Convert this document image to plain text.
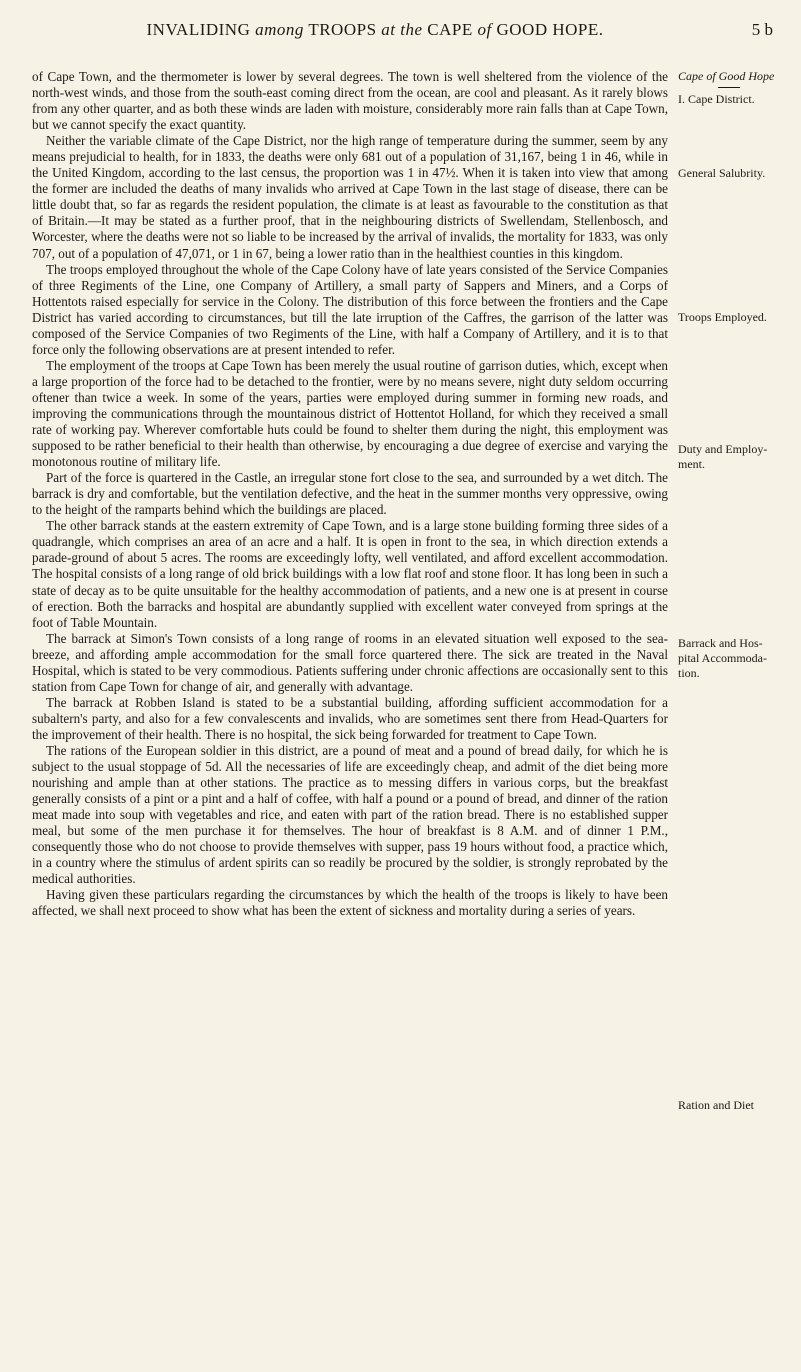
INVALIDING among TROOPS at the CAPE of GOOD HOPE.	5 b

of Cape Town, and the thermometer is lower by several degrees. The town is well sheltered from the violence of the north-west winds, and those from the south-east coming direct from the ocean, are cool and pleasant. As it rarely blows from any other quarter, and as both these winds are laden with moisture, considerably more rain falls than at Cape Town, but we cannot specify the exact quantity.

Neither the variable climate of the Cape District, nor the high range of temperature during the summer, seem by any means prejudicial to health, for in 1833, the deaths were only 681 out of a population of 31,167, being 1 in 46, while in the United Kingdom, according to the last census, the proportion was 1 in 47½. When it is taken into view that among the former are included the deaths of many invalids who arrived at Cape Town in the last stage of disease, there can be little doubt that, so far as regards the resident population, the climate is at least as favourable to the constitution as that of Britain.—It may be stated as a further proof, that in the neighbouring districts of Swellendam, Stellenbosch, and Worcester, where the deaths were not so liable to be increased by the arrival of invalids, the mortality for 1833, was only 707, out of a population of 47,071, or 1 in 67, being a lower ratio than in the healthiest counties in this kingdom.

The troops employed throughout the whole of the Cape Colony have of late years consisted of the Service Companies of three Regiments of the Line, one Company of Artillery, a small party of Sappers and Miners, and a Corps of Hottentots raised especially for service in the Colony. The distribution of this force between the frontiers and the Cape District has varied according to circumstances, but till the late irruption of the Caffres, the garrison of the latter was composed of the Service Companies of two Regiments of the Line, with half a Company of Artillery, and it is to that force only the following observations are at present intended to refer.

The employment of the troops at Cape Town has been merely the usual routine of garrison duties, which, except when a large proportion of the force had to be detached to the frontier, were by no means severe, night duty seldom occurring oftener than twice a week. In some of the years, parties were employed during summer in forming new roads, and improving the communications through the mountainous district of Hottentot Holland, for which they received a small rate of working pay. Wherever comfortable huts could be found to shelter them during the night, this employment was supposed to be rather beneficial to their health than otherwise, by encouraging a due degree of exercise and varying the monotonous routine of military life.

Part of the force is quartered in the Castle, an irregular stone fort close to the sea, and surrounded by a wet ditch. The barrack is dry and comfortable, but the ventilation defective, and the heat in the summer months very oppressive, owing to the height of the ramparts behind which the buildings are placed.

The other barrack stands at the eastern extremity of Cape Town, and is a large stone building forming three sides of a quadrangle, which comprises an area of an acre and a half. It is open in front to the sea, in which direction extends a parade-ground of about 5 acres. The rooms are exceedingly lofty, well ventilated, and afford excellent accommodation. The hospital consists of a long range of old brick buildings with a low flat roof and stone floor. It has long been in such a state of decay as to be quite unsuitable for the healthy accommodation of patients, and a new one is at present in course of erection. Both the barracks and hospital are abundantly supplied with excellent water conveyed from springs at the foot of Table Mountain.

The barrack at Simon's Town consists of a long range of rooms in an elevated situation well exposed to the sea-breeze, and affording ample accommodation for the small force quartered there. The sick are treated in the Naval Hospital, which is stated to be very commodious. Patients suffering under chronic affections are occasionally sent to this station from Cape Town for change of air, and generally with advantage.

The barrack at Robben Island is stated to be a substantial building, affording sufficient accommodation for a subaltern's party, and also for a few convalescents and invalids, who are sometimes sent there from Head-Quarters for the improvement of their health. There is no hospital, the sick being forwarded for treatment to Cape Town.

The rations of the European soldier in this district, are a pound of meat and a pound of bread daily, for which he is subject to the usual stoppage of 5d. All the necessaries of life are exceedingly cheap, and admit of the diet being more nourishing and ample than at other stations. The practice as to messing differs in various corps, but the breakfast generally consists of a pint or a pint and a half of coffee, with half a pound or a pound of bread, and dinner of the ration meat made into soup with vegetables and rice, and eaten with part of the ration bread. There is no established supper meal, but some of the men purchase it for themselves. The hour of breakfast is 8 A.M. and of dinner 1 P.M., consequently those who do not choose to provide themselves with supper, pass 19 hours without food, a practice which, in a country where the stimulus of ardent spirits can so readily be procured by the soldier, is strongly reprobated by the medical authorities.

Having given these particulars regarding the circumstances by which the health of the troops is likely to have been affected, we shall next proceed to show what has been the extent of sickness and mortality during a series of years.

Cape of Good Hope
I. Cape District.
General Salubrity.
Troops Employed.
Duty and Employ-
ment.
Barrack and Hos-
pital Accommoda-
tion.
Ration and Diet
